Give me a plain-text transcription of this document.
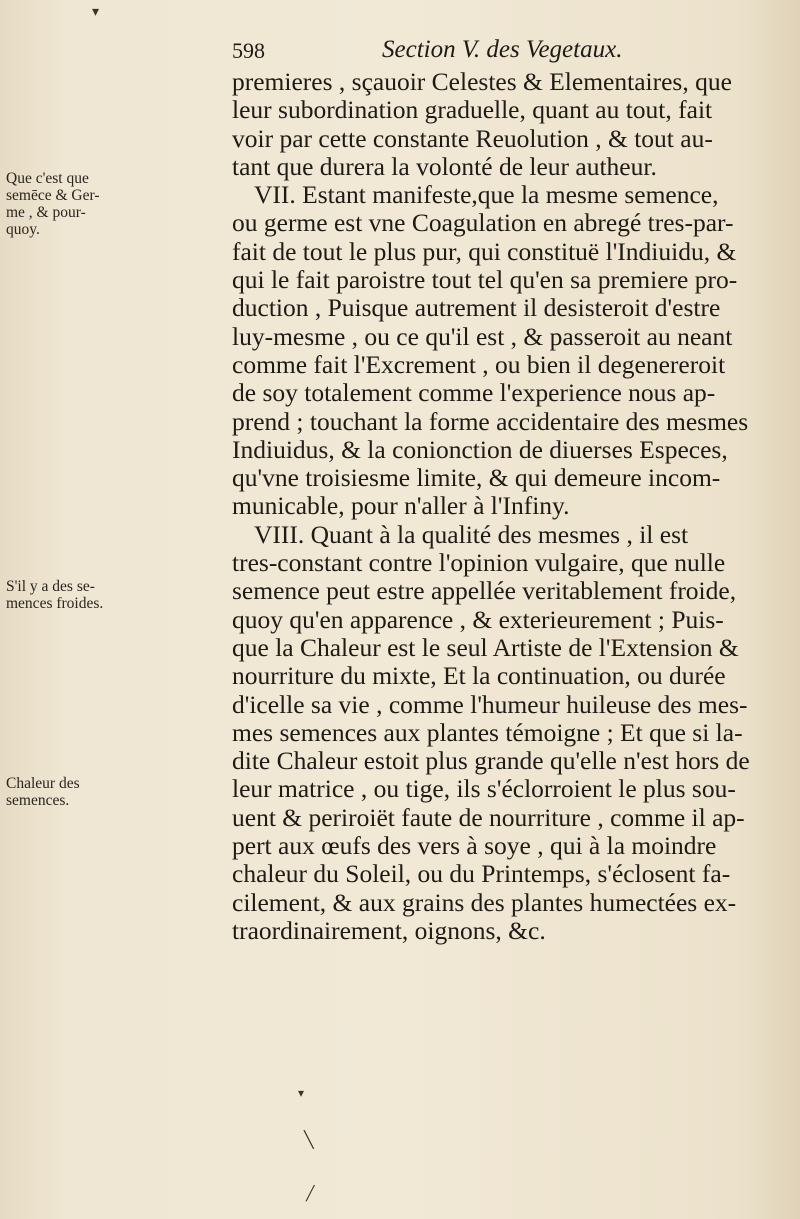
▾
598	Section V. des Vegetaux.
premieres , sçauoir Celestes & Elementaires, que
leur subordination graduelle, quant au tout, fait
voir par cette constante Reuolution , & tout au-
tant que durera la volonté de leur autheur.
VII. Estant manifeste,que la mesme semence,
ou germe est vne Coagulation en abregé tres-par-
fait de tout le plus pur, qui constituë l'Indiuidu, &
qui le fait paroistre tout tel qu'en sa premiere pro-
duction , Puisque autrement il desisteroit d'estre
luy-mesme , ou ce qu'il est , & passeroit au neant
comme fait l'Excrement , ou bien il degenereroit
de soy totalement comme l'experience nous ap-
prend ; touchant la forme accidentaire des mesmes
Indiuidus, & la conionction de diuerses Especes,
qu'vne troisiesme limite, & qui demeure incom-
municable, pour n'aller à l'Infiny.
VIII. Quant à la qualité des mesmes , il est
tres-constant contre l'opinion vulgaire, que nulle
semence peut estre appellée veritablement froide,
quoy qu'en apparence , & exterieurement ; Puis-
que la Chaleur est le seul Artiste de l'Extension &
nourriture du mixte, Et la continuation, ou durée
d'icelle sa vie , comme l'humeur huileuse des mes-
mes semences aux plantes témoigne ; Et que si la-
dite Chaleur estoit plus grande qu'elle n'est hors de
leur matrice , ou tige, ils s'éclorroient le plus sou-
uent & periroiët faute de nourriture , comme il ap-
pert aux œufs des vers à soye , qui à la moindre
chaleur du Soleil, ou du Printemps, s'éclosent fa-
cilement, & aux grains des plantes humectées ex-
traordinairement, oignons, &c.
Que c'est que
semēce & Ger-
me , & pour-
quoy.
S'il y a des se-
mences froides.
Chaleur des
semences.
▾
╲
╱
